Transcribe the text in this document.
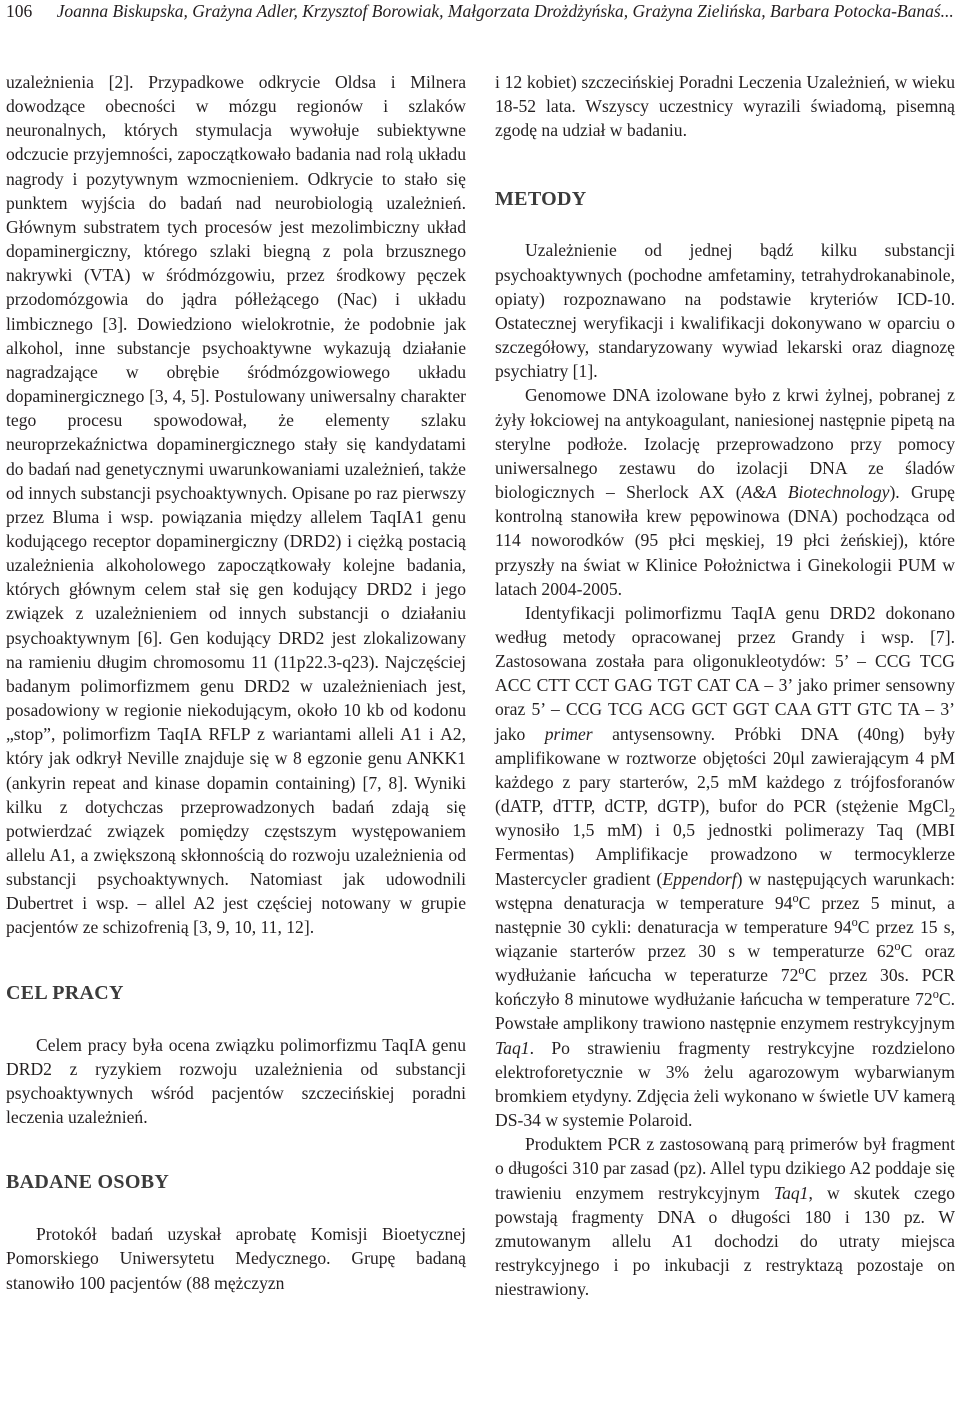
106 Joanna Biskupska, Grażyna Adler, Krzysztof Borowiak, Małgorzata Drożdżyńska, Grażyna Zielińska, Barbara Potocka-Banaś...

uzależnienia [2]. Przypadkowe odkrycie Oldsa i Milnera dowodzące obecności w mózgu regionów i szlaków neuronalnych, których stymulacja wywołuje subiektywne odczucie przyjemności, zapoczątkowało badania nad rolą układu nagrody i pozytywnym wzmocnieniem. Odkrycie to stało się punktem wyjścia do badań nad neurobiologią uzależnień. Głównym substratem tych procesów jest mezolimbiczny układ dopaminergiczny, którego szlaki biegną z pola brzusznego nakrywki (VTA) w śródmózgowiu, przez środkowy pęczek przodomózgowia do jądra półleżącego (Nac) i układu limbicznego [3]. Dowiedziono wielokrotnie, że podobnie jak alkohol, inne substancje psychoaktywne wykazują działanie nagradzające w obrębie śródmózgowiowego układu dopaminergicznego [3, 4, 5]. Postulowany uniwersalny charakter tego procesu spowodował, że elementy szlaku neuroprzekaźnictwa dopaminergicznego stały się kandydatami do badań nad genetycznymi uwarunkowaniami uzależnień, także od innych substancji psychoaktywnych. Opisane po raz pierwszy przez Bluma i wsp. powiązania między allelem TaqIA1 genu kodującego receptor dopaminergiczny (DRD2) i ciężką postacią uzależnienia alkoholowego zapoczątkowały kolejne badania, których głównym celem stał się gen kodujący DRD2 i jego związek z uzależnieniem od innych substancji o działaniu psychoaktywnym [6]. Gen kodujący DRD2 jest zlokalizowany na ramieniu długim chromosomu 11 (11p22.3-q23). Najczęściej badanym polimorfizmem genu DRD2 w uzależnieniach jest, posadowiony w regionie niekodującym, około 10 kb od kodonu „stop”, polimorfizm TaqIA RFLP z wariantami alleli A1 i A2, który jak odkrył Neville znajduje się w 8 egzonie genu ANKK1 (ankyrin repeat and kinase dopamin containing) [7, 8]. Wyniki kilku z dotychczas przeprowadzonych badań zdają się potwierdzać związek pomiędzy częstszym występowaniem allelu A1, a zwiększoną skłonnością do rozwoju uzależnienia od substancji psychoaktywnych. Natomiast jak udowodnili Dubertret i wsp. – allel A2 jest częściej notowany w grupie pacjentów ze schizofrenią [3, 9, 10, 11, 12].

CEL PRACY

Celem pracy była ocena związku polimorfizmu TaqIA genu DRD2 z ryzykiem rozwoju uzależnienia od substancji psychoaktywnych wśród pacjentów szczecińskiej poradni leczenia uzależnień.

BADANE OSOBY

Protokół badań uzyskał aprobatę Komisji Bioetycznej Pomorskiego Uniwersytetu Medycznego. Grupę badaną stanowiło 100 pacjentów (88 mężczyzn

i 12 kobiet) szczecińskiej Poradni Leczenia Uzależnień, w wieku 18-52 lata. Wszyscy uczestnicy wyrazili świadomą, pisemną zgodę na udział w badaniu.

METODY

Uzależnienie od jednej bądź kilku substancji psychoaktywnych (pochodne amfetaminy, tetrahydrokanabinole, opiaty) rozpoznawano na podstawie kryteriów ICD-10. Ostatecznej weryfikacji i kwalifikacji dokonywano w oparciu o szczegółowy, standaryzowany wywiad lekarski oraz diagnozę psychiatry [1].

Genomowe DNA izolowane było z krwi żylnej, pobranej z żyły łokciowej na antykoagulant, naniesionej następnie pipetą na sterylne podłoże. Izolację przeprowadzono przy pomocy uniwersalnego zestawu do izolacji DNA ze śladów biologicznych – Sherlock AX (A&A Biotechnology). Grupę kontrolną stanowiła krew pępowinowa (DNA) pochodząca od 114 noworodków (95 płci męskiej, 19 płci żeńskiej), które przyszły na świat w Klinice Położnictwa i Ginekologii PUM w latach 2004-2005.

Identyfikacji polimorfizmu TaqIA genu DRD2 dokonano według metody opracowanej przez Grandy i wsp. [7]. Zastosowana została para oligonukleotydów: 5’ – CCG TCG ACC CTT CCT GAG TGT CAT CA – 3’ jako primer sensowny oraz 5’ – CCG TCG ACG GCT GGT CAA GTT GTC TA – 3’ jako primer antysensowny. Próbki DNA (40ng) były amplifikowane w roztworze objętości 20μl zawierającym 4 pM każdego z pary starterów, 2,5 mM każdego z trójfosforanów (dATP, dTTP, dCTP, dGTP), bufor do PCR (stężenie MgCl$_2$ wynosiło 1,5 mM) i 0,5 jednostki polimerazy Taq (MBI Fermentas) Amplifikacje prowadzono w termocyklerze Mastercycler gradient (Eppendorf) w następujących warunkach: wstępna denaturacja w temperature 94$^o$C przez 5 minut, a następnie 30 cykli: denaturacja w temperature 94$^o$C przez 15 s, wiązanie starterów przez 30 s w temperaturze 62$^o$C oraz wydłużanie łańcucha w teperaturze 72$^o$C przez 30s. PCR kończyło 8 minutowe wydłużanie łańcucha w temperature 72$^o$C. Powstałe amplikony trawiono następnie enzymem restrykcyjnym Taq1. Po strawieniu fragmenty restrykcyjne rozdzielono elektroforetycznie w 3% żelu agarozowym wybarwianym bromkiem etydyny. Zdjęcia żeli wykonano w świetle UV kamerą DS-34 w systemie Polaroid.

Produktem PCR z zastosowaną parą primerów był fragment o długości 310 par zasad (pz). Allel typu dzikiego A2 poddaje się trawieniu enzymem restrykcyjnym Taq1, w skutek czego powstają fragmenty DNA o długości 180 i 130 pz. W zmutowanym allelu A1 dochodzi do utraty miejsca restrykcyjnego i po inkubacji z restryktazą pozostaje on niestrawiony.
